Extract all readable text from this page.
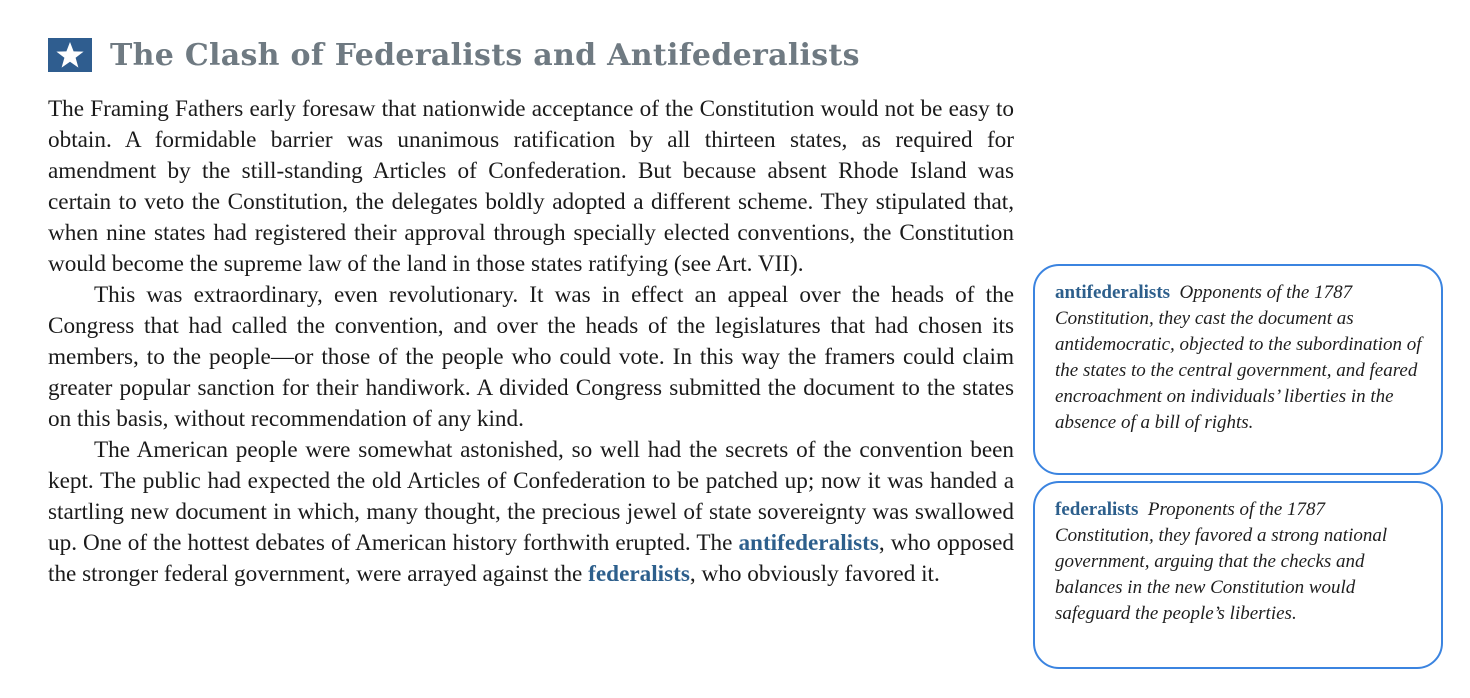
The Clash of Federalists and Antifederalists

The Framing Fathers early foresaw that nationwide acceptance of the Constitution would not be easy to obtain. A formidable barrier was unanimous ratification by all thirteen states, as required for amendment by the still-standing Articles of Confederation. But because absent Rhode Island was certain to veto the Constitution, the delegates boldly adopted a different scheme. They stipulated that, when nine states had registered their approval through specially elected conventions, the Constitution would become the supreme law of the land in those states ratifying (see Art. VII).

This was extraordinary, even revolutionary. It was in effect an appeal over the heads of the Congress that had called the convention, and over the heads of the legislatures that had chosen its members, to the people—or those of the people who could vote. In this way the framers could claim greater popular sanction for their handiwork. A divided Congress submitted the document to the states on this basis, without recommendation of any kind.

The American people were somewhat astonished, so well had the secrets of the convention been kept. The public had expected the old Articles of Confederation to be patched up; now it was handed a startling new document in which, many thought, the precious jewel of state sovereignty was swallowed up. One of the hottest debates of American history forthwith erupted. The antifederalists, who opposed the stronger federal government, were arrayed against the federalists, who obviously favored it.

antifederalists Opponents of the 1787 Constitution, they cast the document as antidemocratic, objected to the subordination of the states to the central government, and feared encroachment on individuals’ liberties in the absence of a bill of rights.
federalists Proponents of the 1787 Constitution, they favored a strong national government, arguing that the checks and balances in the new Constitution would safeguard the people’s liberties.
